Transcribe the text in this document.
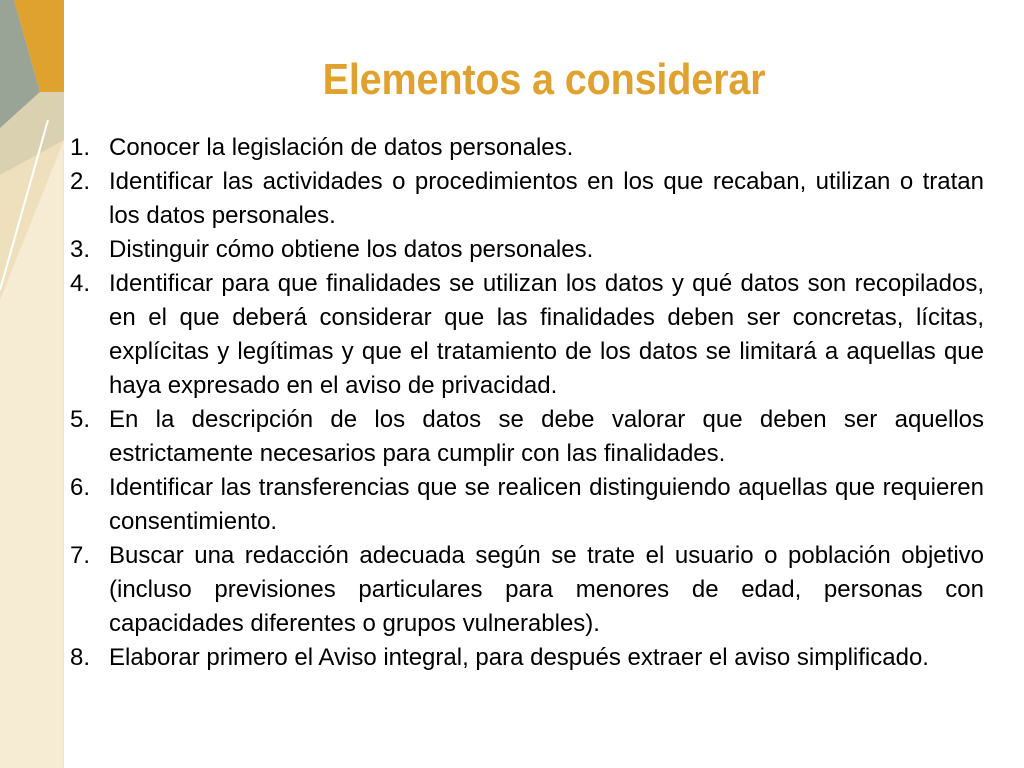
Elementos a considerar
1. Conocer la legislación de datos personales.
2. Identificar las actividades o procedimientos en los que recaban, utilizan o tratan los datos personales.
3. Distinguir cómo obtiene los datos personales.
4. Identificar para que finalidades se utilizan los datos y qué datos son recopilados, en el que deberá considerar que las finalidades deben ser concretas, lícitas, explícitas y legítimas y que el tratamiento de los datos se limitará a aquellas que haya expresado en el aviso de privacidad.
5. En la descripción de los datos se debe valorar que deben ser aquellos estrictamente necesarios para cumplir con las finalidades.
6. Identificar las transferencias que se realicen distinguiendo aquellas que requieren consentimiento.
7. Buscar una redacción adecuada según se trate el usuario o población objetivo (incluso previsiones particulares para menores de edad, personas con capacidades diferentes o grupos vulnerables).
8. Elaborar primero el Aviso integral, para después extraer el aviso simplificado.
